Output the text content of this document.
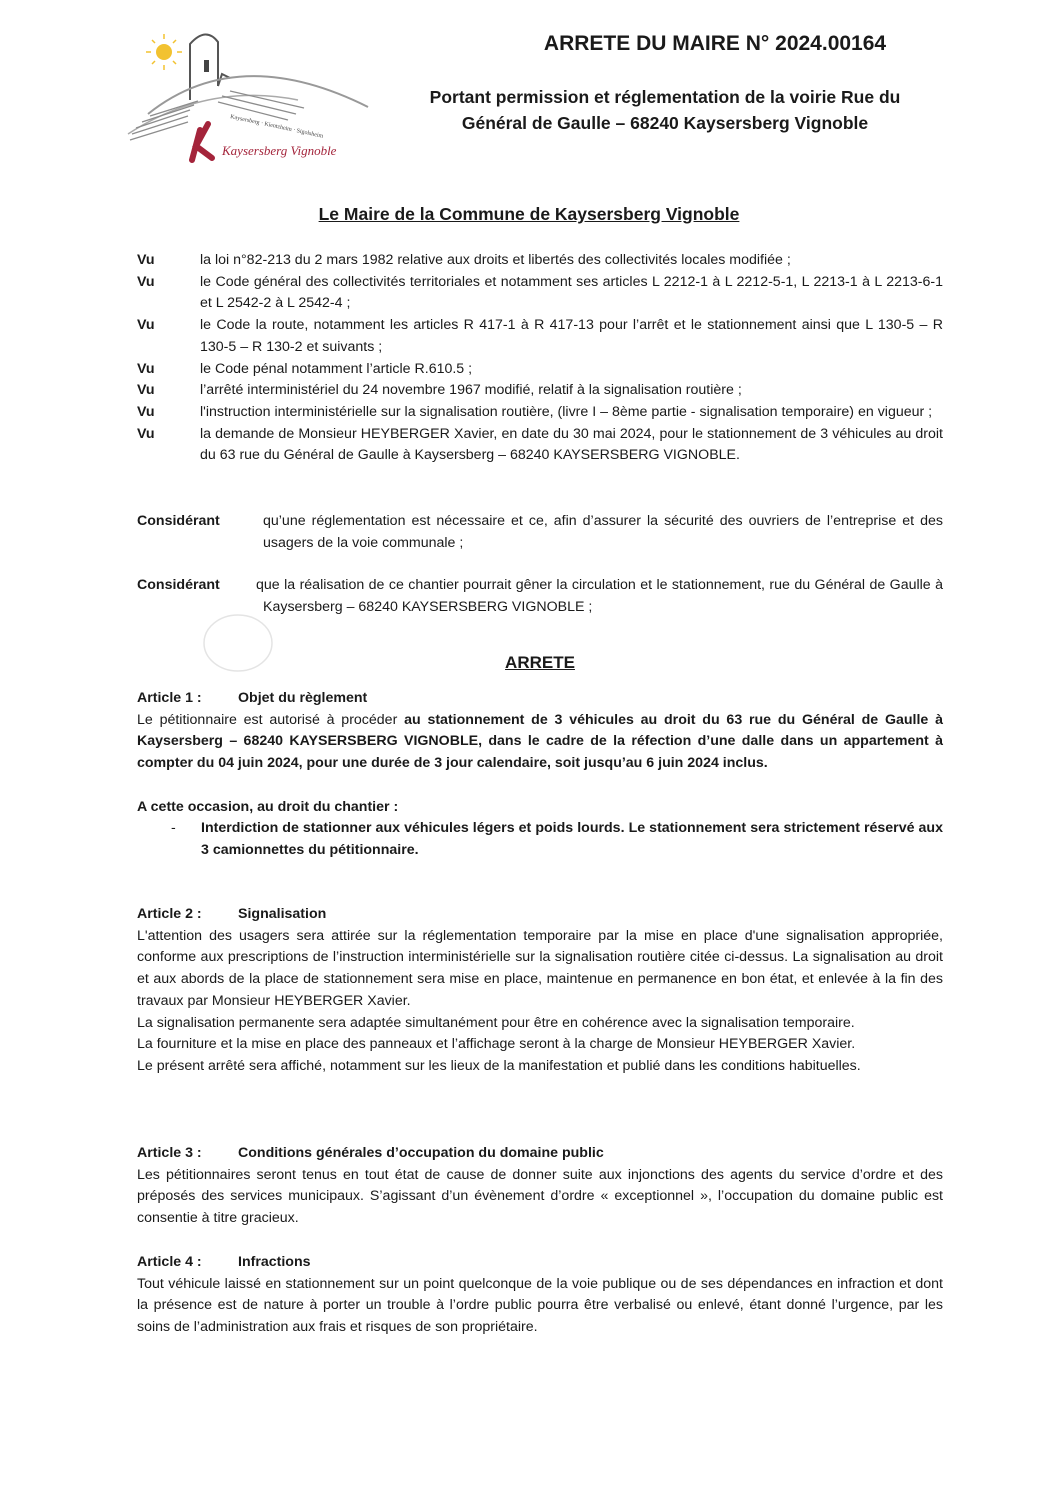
Kaysersberg · Kientzheim · Sigolsheim
Kaysersberg Vignoble
ARRETE DU MAIRE N° 2024.00164
Portant permission et réglementation de la voirie Rue du
Général de Gaulle – 68240 Kaysersberg Vignoble
Le Maire de la Commune de Kaysersberg Vignoble
Vu	la loi n°82-213 du 2 mars 1982 relative aux droits et libertés des collectivités locales modifiée ;
Vu	le Code général des collectivités territoriales et notamment ses articles L 2212-1 à L 2212-5-1, L 2213-1 à L 2213-6-1 et L 2542-2 à L 2542-4 ;
Vu	le Code la route, notamment les articles R 417-1 à R 417-13 pour l’arrêt et le stationnement ainsi que L 130-5 – R 130-5 – R 130-2 et suivants ;
Vu	le Code pénal notamment l’article R.610.5 ;
Vu	l’arrêté interministériel du 24 novembre 1967 modifié, relatif à la signalisation routière ;
Vu	l'instruction interministérielle sur la signalisation routière, (livre I – 8ème partie - signalisation temporaire) en vigueur ;
Vu	la demande de Monsieur HEYBERGER Xavier, en date du 30 mai 2024, pour le stationnement de 3 véhicules au droit du 63 rue du Général de Gaulle à Kaysersberg – 68240 KAYSERSBERG VIGNOBLE.
Considérant	qu’une réglementation est nécessaire et ce, afin d’assurer la sécurité des ouvriers de l’entreprise et des usagers de la voie communale ;
Considérant	que la réalisation de ce chantier pourrait gêner la circulation et le stationnement, rue du Général de Gaulle à Kaysersberg – 68240 KAYSERSBERG VIGNOBLE ;
ARRETE
Article 1 :	Objet du règlement

Le pétitionnaire est autorisé à procéder au stationnement de 3 véhicules au droit du 63 rue du Général de Gaulle à Kaysersberg – 68240 KAYSERSBERG VIGNOBLE, dans le cadre de la réfection d’une dalle dans un appartement à compter du 04 juin 2024, pour une durée de 3 jour calendaire, soit jusqu’au 6 juin 2024 inclus.

A cette occasion, au droit du chantier :

-	Interdiction de stationner aux véhicules légers et poids lourds. Le stationnement sera strictement réservé aux 3 camionnettes du pétitionnaire.
Article 2 :	Signalisation

L'attention des usagers sera attirée sur la réglementation temporaire par la mise en place d'une signalisation appropriée, conforme aux prescriptions de l’instruction interministérielle sur la signalisation routière citée ci-dessus. La signalisation au droit et aux abords de la place de stationnement sera mise en place, maintenue en permanence en bon état, et enlevée à la fin des travaux par Monsieur HEYBERGER Xavier.

La signalisation permanente sera adaptée simultanément pour être en cohérence avec la signalisation temporaire.

La fourniture et la mise en place des panneaux et l’affichage seront à la charge de Monsieur HEYBERGER Xavier.

Le présent arrêté sera affiché, notamment sur les lieux de la manifestation et publié dans les conditions habituelles.

Article 3 :	Conditions générales d’occupation du domaine public

Les pétitionnaires seront tenus en tout état de cause de donner suite aux injonctions des agents du service d’ordre et des préposés des services municipaux. S’agissant d’un évènement d’ordre « exceptionnel », l’occupation du domaine public est consentie à titre gracieux.

Article 4 :	Infractions

Tout véhicule laissé en stationnement sur un point quelconque de la voie publique ou de ses dépendances en infraction et dont la présence est de nature à porter un trouble à l’ordre public pourra être verbalisé ou enlevé, étant donné l’urgence, par les soins de l’administration aux frais et risques de son propriétaire.
